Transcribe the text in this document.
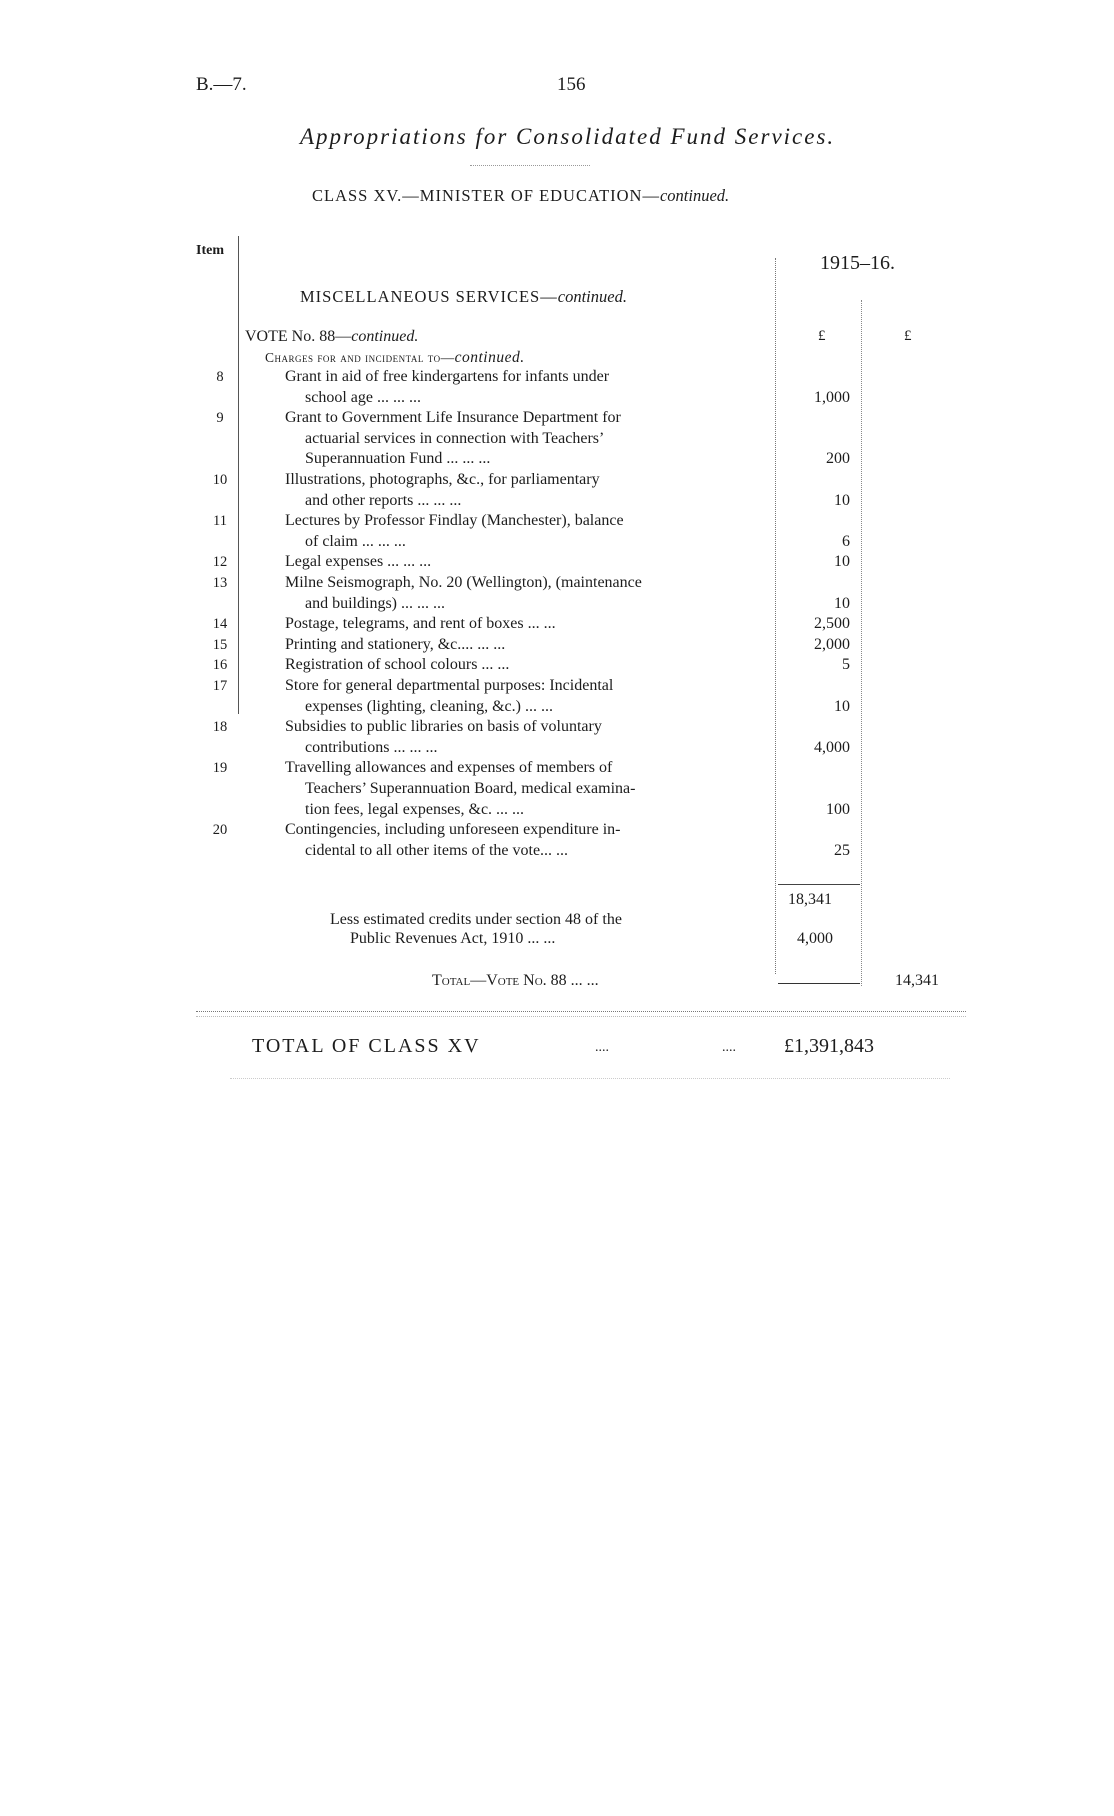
B.—7.	156
Appropriations for Consolidated Fund Services.
CLASS XV.—MINISTER OF EDUCATION—continued.
Item
1915–16.
MISCELLANEOUS SERVICES—continued.
VOTE No. 88—continued.	£	£
Charges for and incidental to—continued.
8	Grant in aid of free kindergartens for infants under
school age ... ... ...	1,000
9	Grant to Government Life Insurance Department for
actuarial services in connection with Teachers’
Superannuation Fund ... ... ...	200
10	Illustrations, photographs, &c., for parliamentary
and other reports ... ... ...	10
11	Lectures by Professor Findlay (Manchester), balance
of claim ... ... ...	6
12	Legal expenses ... ... ...	10
13	Milne Seismograph, No. 20 (Wellington), (maintenance
and buildings) ... ... ...	10
14	Postage, telegrams, and rent of boxes ... ...	2,500
15	Printing and stationery, &c.... ... ...	2,000
16	Registration of school colours ... ...	5
17	Store for general departmental purposes: Incidental
expenses (lighting, cleaning, &c.) ... ...	10
18	Subsidies to public libraries on basis of voluntary
contributions ... ... ...	4,000
19	Travelling allowances and expenses of members of
Teachers’ Superannuation Board, medical examina-
tion fees, legal expenses, &c. ... ...	100
20	Contingencies, including unforeseen expenditure in-
cidental to all other items of the vote... ...	25
18,341
Less estimated credits under section 48 of the
Public Revenues Act, 1910 ... ...	4,000
Total—Vote No. 88 ... ...	14,341
TOTAL OF CLASS XV	....	.... £1,391,843
